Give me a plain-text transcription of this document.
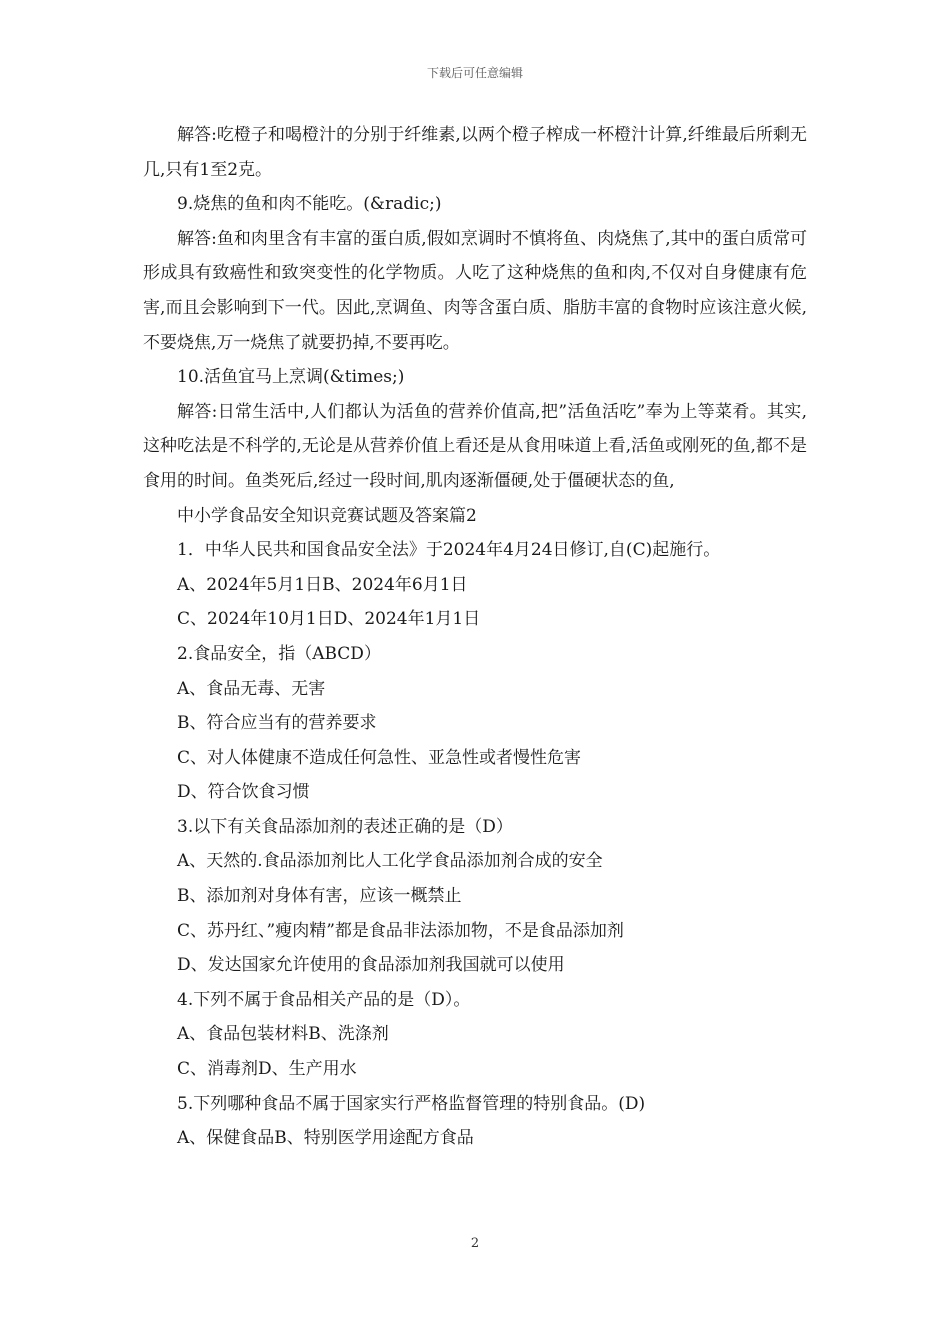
下载后可任意编辑

解答:吃橙子和喝橙汁的分别于纤维素,以两个橙子榨成一杯橙汁计算,纤维最后所剩无几,只有1至2克。

9.烧焦的鱼和肉不能吃。(&radic;)

解答:鱼和肉里含有丰富的蛋白质,假如烹调时不慎将鱼、肉烧焦了,其中的蛋白质常可形成具有致癌性和致突变性的化学物质。人吃了这种烧焦的鱼和肉,不仅对自身健康有危害,而且会影响到下一代。因此,烹调鱼、肉等含蛋白质、脂肪丰富的食物时应该注意火候,不要烧焦,万一烧焦了就要扔掉,不要再吃。

10.活鱼宜马上烹调(&times;)

解答:日常生活中,人们都认为活鱼的营养价值高,把”活鱼活吃”奉为上等菜肴。其实,这种吃法是不科学的,无论是从营养价值上看还是从食用味道上看,活鱼或刚死的鱼,都不是食用的时间。鱼类死后,经过一段时间,肌肉逐渐僵硬,处于僵硬状态的鱼,

中小学食品安全知识竞赛试题及答案篇2

1．中华人民共和国食品安全法》于2024年4月24日修订,自(C)起施行。

A、2024年5月1日B、2024年6月1日

C、2024年10月1日D、2024年1月1日

2.食品安全，指（ABCD）

A、食品无毒、无害

B、符合应当有的营养要求

C、对人体健康不造成任何急性、亚急性或者慢性危害

D、符合饮食习惯

3.以下有关食品添加剂的表述正确的是（D）

A、天然的.食品添加剂比人工化学食品添加剂合成的安全

B、添加剂对身体有害，应该一概禁止

C、苏丹红、”瘦肉精”都是食品非法添加物，不是食品添加剂

D、发达国家允许使用的食品添加剂我国就可以使用

4.下列不属于食品相关产品的是（D）。

A、食品包装材料B、洗涤剂

C、消毒剂D、生产用水

5.下列哪种食品不属于国家实行严格监督管理的特别食品。(D)

A、保健食品B、特别医学用途配方食品

2
